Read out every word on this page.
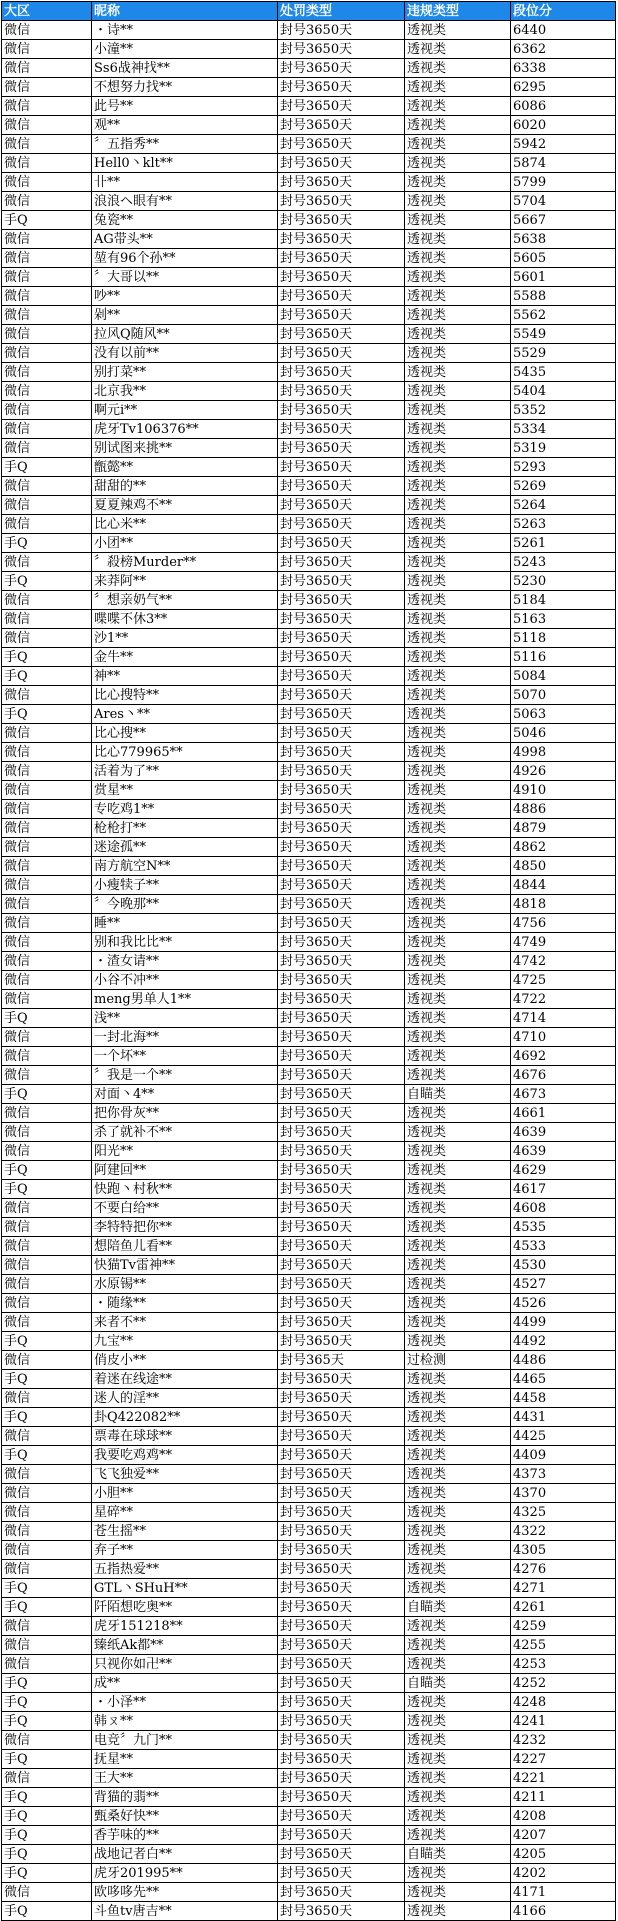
大区	昵称	处罚类型	违规类型	段位分
微信	・诗**	封号3650天	透视类	6440
微信	小潼**	封号3650天	透视类	6362
微信	Ss6战神找**	封号3650天	透视类	6338
微信	不想努力找**	封号3650天	透视类	6295
微信	此号**	封号3650天	透视类	6086
微信	观**	封号3650天	透视类	6020
微信	〞五指秀**	封号3650天	透视类	5942
微信	Hell0丶klt**	封号3650天	透视类	5874
微信	卝**	封号3650天	透视类	5799
微信	浪浪ヘ眼有**	封号3650天	透视类	5704
手Q	兔瓷**	封号3650天	透视类	5667
微信	AG带头**	封号3650天	透视类	5638
微信	堃有96个孙**	封号3650天	透视类	5605
微信	〞大哥以**	封号3650天	透视类	5601
微信	吵**	封号3650天	透视类	5588
微信	剁**	封号3650天	透视类	5562
微信	拉风Q随风**	封号3650天	透视类	5549
微信	没有以前**	封号3650天	透视类	5529
微信	别打菜**	封号3650天	透视类	5435
微信	北京我**	封号3650天	透视类	5404
微信	啊元i**	封号3650天	透视类	5352
微信	虎牙Tv106376**	封号3650天	透视类	5334
微信	别试图来挑**	封号3650天	透视类	5319
手Q	甑懿**	封号3650天	透视类	5293
微信	甜甜的**	封号3650天	透视类	5269
微信	夏夏辣鸡不**	封号3650天	透视类	5264
微信	比心米**	封号3650天	透视类	5263
手Q	小团**	封号3650天	透视类	5261
微信	〞殺榜Murder**	封号3650天	透视类	5243
手Q	来莽阿**	封号3650天	透视类	5230
微信	〞想亲奶气**	封号3650天	透视类	5184
微信	喋喋不休3**	封号3650天	透视类	5163
微信	沙1**	封号3650天	透视类	5118
手Q	金牛**	封号3650天	透视类	5116
手Q	神**	封号3650天	透视类	5084
微信	比心搜特**	封号3650天	透视类	5070
手Q	Ares丶**	封号3650天	透视类	5063
微信	比心搜**	封号3650天	透视类	5046
微信	比心779965**	封号3650天	透视类	4998
微信	活着为了**	封号3650天	透视类	4926
微信	赏星**	封号3650天	透视类	4910
微信	专吃鸡1**	封号3650天	透视类	4886
微信	枪枪打**	封号3650天	透视类	4879
微信	迷途孤**	封号3650天	透视类	4862
微信	南方航空N**	封号3650天	透视类	4850
微信	小瘦犊子**	封号3650天	透视类	4844
微信	〞今晚那**	封号3650天	透视类	4818
微信	睡**	封号3650天	透视类	4756
微信	别和我比比**	封号3650天	透视类	4749
微信	・渣女请**	封号3650天	透视类	4742
微信	小谷不冲**	封号3650天	透视类	4725
微信	meng男单人1**	封号3650天	透视类	4722
手Q	浅**	封号3650天	透视类	4714
微信	一封北海**	封号3650天	透视类	4710
微信	一个坏**	封号3650天	透视类	4692
微信	〞我是一个**	封号3650天	透视类	4676
手Q	对面丶4**	封号3650天	自瞄类	4673
微信	把你骨灰**	封号3650天	透视类	4661
微信	杀了就补不**	封号3650天	透视类	4639
微信	阳光**	封号3650天	透视类	4639
手Q	阿建回**	封号3650天	透视类	4629
手Q	快跑丶村秋**	封号3650天	透视类	4617
微信	不要白给**	封号3650天	透视类	4608
微信	李特特把你**	封号3650天	透视类	4535
微信	想陪鱼儿看**	封号3650天	透视类	4533
微信	快猫Tv雷神**	封号3650天	透视类	4530
微信	水原锡**	封号3650天	透视类	4527
微信	・随缘**	封号3650天	透视类	4526
微信	来者不**	封号3650天	透视类	4499
手Q	九宝**	封号3650天	透视类	4492
微信	俏皮小**	封号365天	过检测	4486
手Q	着迷在线途**	封号3650天	透视类	4465
微信	迷人的淫**	封号3650天	透视类	4458
手Q	卦Q422082**	封号3650天	透视类	4431
微信	票毒在球球**	封号3650天	透视类	4425
手Q	我要吃鸡鸡**	封号3650天	透视类	4409
微信	飞飞独爱**	封号3650天	透视类	4373
微信	小胆**	封号3650天	透视类	4370
微信	星碎**	封号3650天	透视类	4325
微信	苍生摇**	封号3650天	透视类	4322
微信	弃子**	封号3650天	透视类	4305
微信	五指热爱**	封号3650天	透视类	4276
手Q	GTL丶SHuH**	封号3650天	透视类	4271
手Q	阡陌想吃奥**	封号3650天	自瞄类	4261
微信	虎牙151218**	封号3650天	透视类	4259
微信	臻纸Ak都**	封号3650天	透视类	4255
微信	只视你如卍**	封号3650天	透视类	4253
手Q	成**	封号3650天	自瞄类	4252
手Q	・小泽**	封号3650天	透视类	4248
手Q	韩ㄡ**	封号3650天	透视类	4241
微信	电竞〞九门**	封号3650天	透视类	4232
手Q	抚星**	封号3650天	透视类	4227
微信	王大**	封号3650天	透视类	4221
手Q	背猫的翡**	封号3650天	透视类	4211
手Q	甄桑好快**	封号3650天	透视类	4208
手Q	香芋味的**	封号3650天	透视类	4207
手Q	战地记者白**	封号3650天	自瞄类	4205
手Q	虎牙201995**	封号3650天	透视类	4202
微信	欧哆哆先**	封号3650天	透视类	4171
手Q	斗鱼tv唐吉**	封号3650天	透视类	4166
